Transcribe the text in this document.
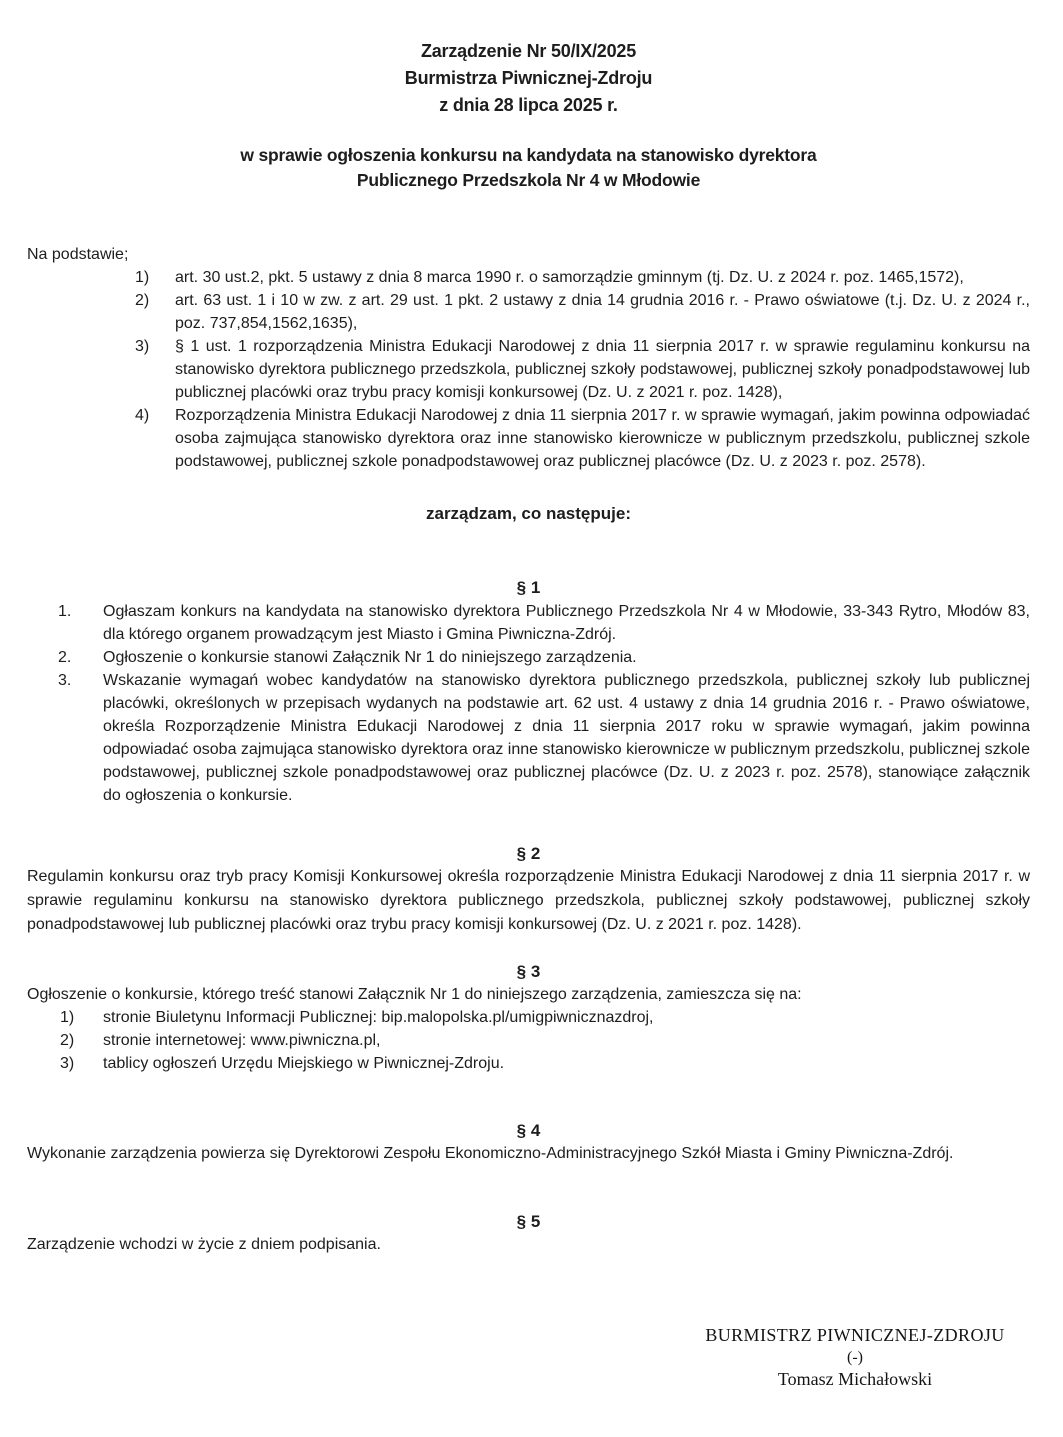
Zarządzenie Nr 50/IX/2025
Burmistrza Piwnicznej-Zdroju
z dnia 28 lipca 2025 r.
w sprawie ogłoszenia konkursu na kandydata na stanowisko dyrektora
Publicznego Przedszkola Nr 4 w Młodowie
Na podstawie;
1) art. 30 ust.2, pkt. 5 ustawy z dnia 8 marca 1990 r. o samorządzie gminnym (tj. Dz. U. z 2024 r. poz. 1465,1572),
2) art. 63 ust. 1 i 10 w zw. z art. 29 ust. 1 pkt. 2 ustawy z dnia 14 grudnia 2016 r. - Prawo oświatowe (t.j. Dz. U. z 2024 r., poz. 737,854,1562,1635),
3) § 1 ust. 1 rozporządzenia Ministra Edukacji Narodowej z dnia 11 sierpnia 2017 r. w sprawie regulaminu konkursu na stanowisko dyrektora publicznego przedszkola, publicznej szkoły podstawowej, publicznej szkoły ponadpodstawowej lub publicznej placówki oraz trybu pracy komisji konkursowej (Dz. U. z 2021 r. poz. 1428),
4) Rozporządzenia Ministra Edukacji Narodowej z dnia 11 sierpnia 2017 r. w sprawie wymagań, jakim powinna odpowiadać osoba zajmująca stanowisko dyrektora oraz inne stanowisko kierownicze w publicznym przedszkolu, publicznej szkole podstawowej, publicznej szkole ponadpodstawowej oraz publicznej placówce (Dz. U. z 2023 r. poz. 2578).
zarządzam, co następuje:
§ 1
1. Ogłaszam konkurs na kandydata na stanowisko dyrektora Publicznego Przedszkola Nr 4 w Młodowie, 33-343 Rytro, Młodów 83, dla którego organem prowadzącym jest Miasto i Gmina Piwniczna-Zdrój.
2. Ogłoszenie o konkursie stanowi Załącznik Nr 1 do niniejszego zarządzenia.
3. Wskazanie wymagań wobec kandydatów na stanowisko dyrektora publicznego przedszkola, publicznej szkoły lub publicznej placówki, określonych w przepisach wydanych na podstawie art. 62 ust. 4 ustawy z dnia 14 grudnia 2016 r. - Prawo oświatowe, określa Rozporządzenie Ministra Edukacji Narodowej z dnia 11 sierpnia 2017 roku w sprawie wymagań, jakim powinna odpowiadać osoba zajmująca stanowisko dyrektora oraz inne stanowisko kierownicze w publicznym przedszkolu, publicznej szkole podstawowej, publicznej szkole ponadpodstawowej oraz publicznej placówce (Dz. U. z 2023 r. poz. 2578), stanowiące załącznik do ogłoszenia o konkursie.
§ 2
Regulamin konkursu oraz tryb pracy Komisji Konkursowej określa rozporządzenie Ministra Edukacji Narodowej z dnia 11 sierpnia 2017 r. w sprawie regulaminu konkursu na stanowisko dyrektora publicznego przedszkola, publicznej szkoły podstawowej, publicznej szkoły ponadpodstawowej lub publicznej placówki oraz trybu pracy komisji konkursowej (Dz. U. z 2021 r. poz. 1428).
§ 3
Ogłoszenie o konkursie, którego treść stanowi Załącznik Nr 1 do niniejszego zarządzenia, zamieszcza się na:
1) stronie Biuletynu Informacji Publicznej: bip.malopolska.pl/umigpiwnicznazdroj,
2) stronie internetowej: www.piwniczna.pl,
3) tablicy ogłoszeń Urzędu Miejskiego w Piwnicznej-Zdroju.
§ 4
Wykonanie zarządzenia powierza się Dyrektorowi Zespołu Ekonomiczno-Administracyjnego Szkół Miasta i Gminy Piwniczna-Zdrój.
§ 5
Zarządzenie wchodzi w życie z dniem podpisania.
BURMISTRZ PIWNICZNEJ-ZDROJU
(-)
Tomasz Michałowski
